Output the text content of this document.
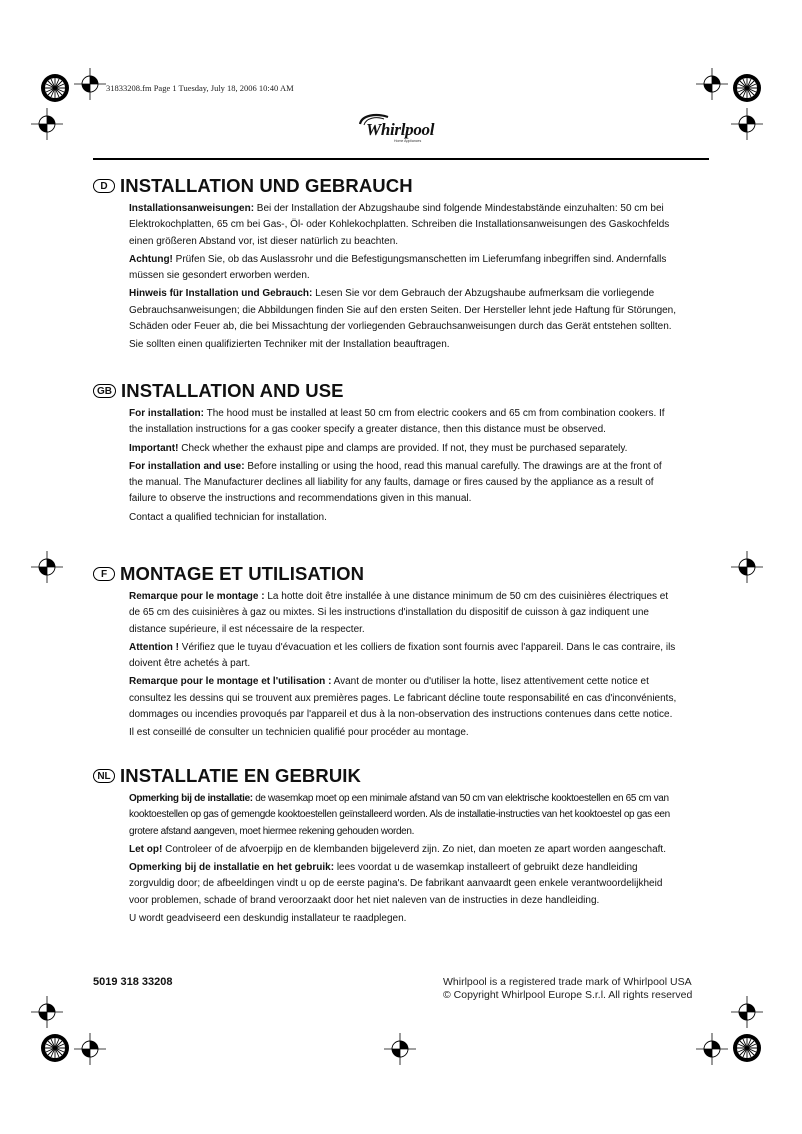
31833208.fm Page 1 Tuesday, July 18, 2006 10:40 AM
Whirlpool
Home Appliances
D INSTALLATION UND GEBRAUCH
Installationsanweisungen: Bei der Installation der Abzugshaube sind folgende Mindestabstände einzuhalten: 50 cm bei Elektrokochplatten, 65 cm bei Gas-, Öl- oder Kohlekochplatten. Schreiben die Installationsanweisungen des Gaskochfelds einen größeren Abstand vor, ist dieser natürlich zu beachten.
Achtung! Prüfen Sie, ob das Auslassrohr und die Befestigungsmanschetten im Lieferumfang inbegriffen sind. Andernfalls müssen sie gesondert erworben werden.
Hinweis für Installation und Gebrauch: Lesen Sie vor dem Gebrauch der Abzugshaube aufmerksam die vorliegende Gebrauchsanweisungen; die Abbildungen finden Sie auf den ersten Seiten. Der Hersteller lehnt jede Haftung für Störungen, Schäden oder Feuer ab, die bei Missachtung der vorliegenden Gebrauchsanweisungen durch das Gerät entstehen sollten.
Sie sollten einen qualifizierten Techniker mit der Installation beauftragen.
GB INSTALLATION AND USE
For installation: The hood must be installed at least 50 cm from electric cookers and 65 cm from combination cookers. If the installation instructions for a gas cooker specify a greater distance, then this distance must be observed.
Important! Check whether the exhaust pipe and clamps are provided. If not, they must be purchased separately.
For installation and use: Before installing or using the hood, read this manual carefully. The drawings are at the front of the manual. The Manufacturer declines all liability for any faults, damage or fires caused by the appliance as a result of failure to observe the instructions and recommendations given in this manual.
Contact a qualified technician for installation.
F MONTAGE ET UTILISATION
Remarque pour le montage : La hotte doit être installée à une distance minimum de 50 cm des cuisinières électriques et de 65 cm des cuisinières à gaz ou mixtes. Si les instructions d'installation du dispositif de cuisson à gaz indiquent une distance supérieure, il est nécessaire de la respecter.
Attention ! Vérifiez que le tuyau d'évacuation et les colliers de fixation sont fournis avec l'appareil. Dans le cas contraire, ils doivent être achetés à part.
Remarque pour le montage et l'utilisation : Avant de monter ou d'utiliser la hotte, lisez attentivement cette notice et consultez les dessins qui se trouvent aux premières pages. Le fabricant décline toute responsabilité en cas d'inconvénients, dommages ou incendies provoqués par l'appareil et dus à la non-observation des instructions contenues dans cette notice.
Il est conseillé de consulter un technicien qualifié pour procéder au montage.
NL INSTALLATIE EN GEBRUIK
Opmerking bij de installatie: de wasemkap moet op een minimale afstand van 50 cm van elektrische kooktoestellen en 65 cm van kooktoestellen op gas of gemengde kooktoestellen geïnstalleerd worden. Als de installatie-instructies van het kooktoestel op gas een grotere afstand aangeven, moet hiermee rekening gehouden worden.
Let op! Controleer of de afvoerpijp en de klembanden bijgeleverd zijn. Zo niet, dan moeten ze apart worden aangeschaft.
Opmerking bij de installatie en het gebruik: lees voordat u de wasemkap installeert of gebruikt deze handleiding zorgvuldig door; de afbeeldingen vindt u op de eerste pagina's. De fabrikant aanvaardt geen enkele verantwoordelijkheid voor problemen, schade of brand veroorzaakt door het niet naleven van de instructies in deze handleiding.
U wordt geadviseerd een deskundig installateur te raadplegen.
5019 318 33208	Whirlpool is a registered trade mark of Whirlpool USA
© Copyright Whirlpool Europe S.r.l. All rights reserved
